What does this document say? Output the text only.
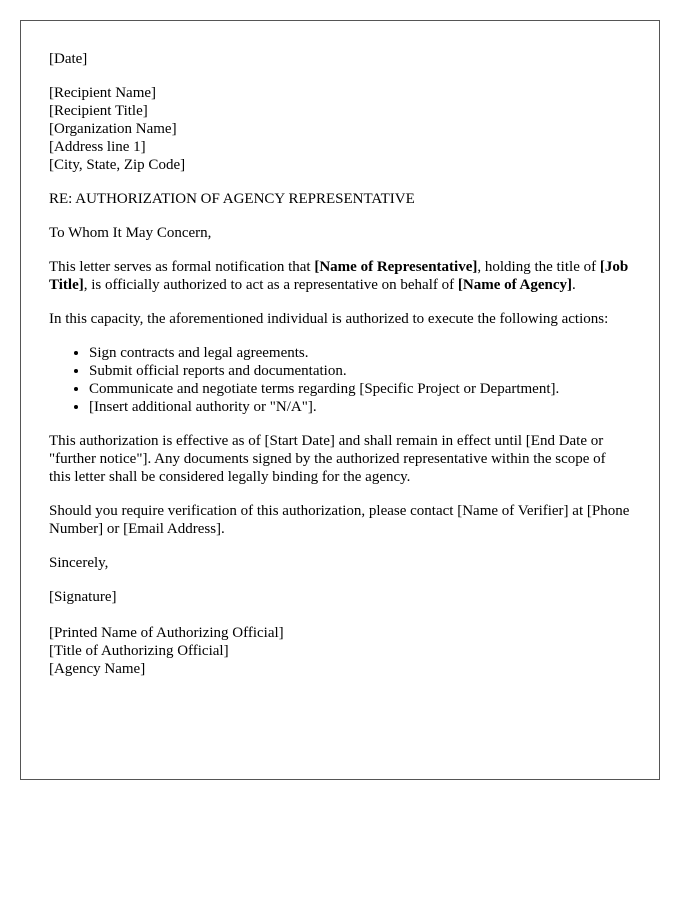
[Date]

[Recipient Name]
[Recipient Title]
[Organization Name]
[Address line 1]
[City, State, Zip Code]

RE: AUTHORIZATION OF AGENCY REPRESENTATIVE

To Whom It May Concern,

This letter serves as formal notification that [Name of Representative], holding the title of [Job Title], is officially authorized to act as a representative on behalf of [Name of Agency].

In this capacity, the aforementioned individual is authorized to execute the following actions:

• Sign contracts and legal agreements.
• Submit official reports and documentation.
• Communicate and negotiate terms regarding [Specific Project or Department].
• [Insert additional authority or "N/A"].

This authorization is effective as of [Start Date] and shall remain in effect until [End Date or "further notice"]. Any documents signed by the authorized representative within the scope of this letter shall be considered legally binding for the agency.

Should you require verification of this authorization, please contact [Name of Verifier] at [Phone Number] or [Email Address].

Sincerely,

[Signature]

[Printed Name of Authorizing Official]
[Title of Authorizing Official]
[Agency Name]
